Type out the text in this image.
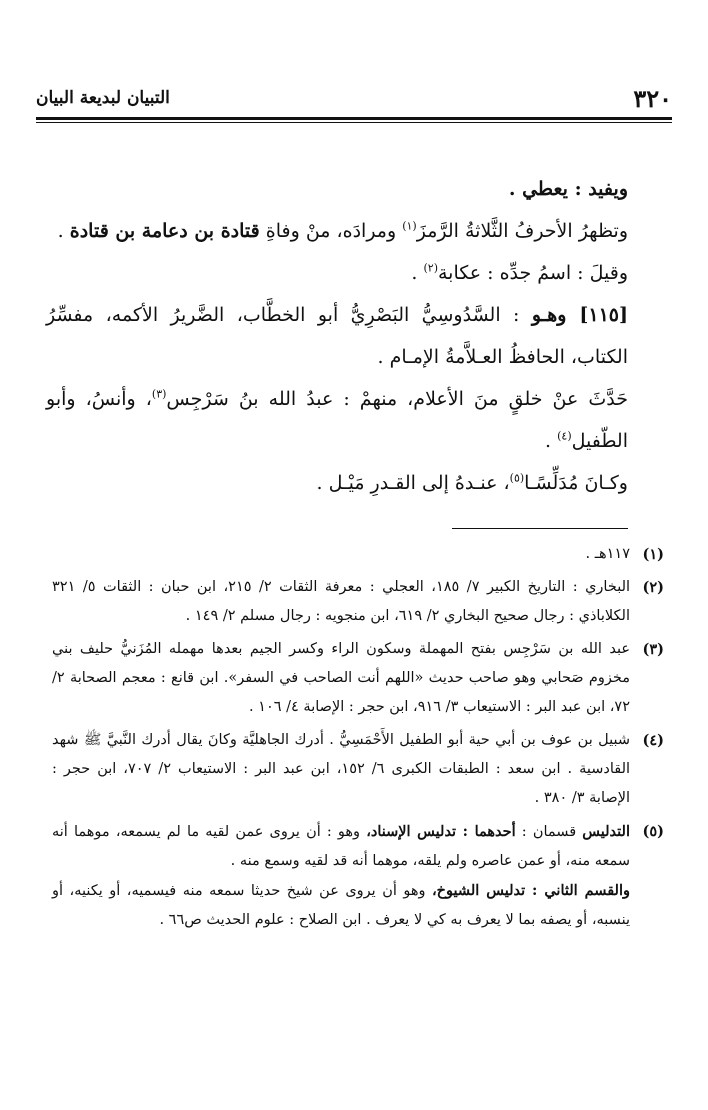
٣٢٠
التبيان لبديعة البيان

ويفيد : يعطي .

وتظهرُ الأحرفُ الثَّلاثةُ الرَّمزَ$^{(١)}$ ومرادَه، منْ وفاةِ قتادة بن دعامة بن قتادة .

وقيلَ : اسمُ جدِّه : عكابة$^{(٢)}$ .

[١١٥] وهـو : السَّدُوسِيُّ البَصْرِيُّ أبو الخطَّاب، الضَّريرُ الأكمه، مفسِّرُ الكتاب، الحافظُ العـلاَّمةُ الإمـام .

حَدَّثَ عنْ خلقٍ منَ الأعلام، منهمْ : عبدُ الله بنُ سَرْجِس$^{(٣)}$، وأنسُ، وأبو الطّفيل$^{(٤)}$ .

وكـانَ مُدَلِّسًـا$^{(٥)}$، عنـدهُ إلى القـدرِ مَيْـل .

(١)
١١٧هـ .
(٢)
البخاري : التاريخ الكبير ٧/ ١٨٥، العجلي : معرفة الثقات ٢/ ٢١٥، ابن حبان : الثقات ٥/ ٣٢١ الكلاباذي : رجال صحيح البخاري ٢/ ٦١٩، ابن منجويه : رجال مسلم ٢/ ١٤٩ .
(٣)
عبد الله بن سَرْجِس بفتح المهملة وسكون الراء وكسر الجيم بعدها مهمله المُزَنيُّ حليف بني مخزوم صَحابي وهو صاحب حديث «اللهم أنت الصاحب في السفر». ابن قانع : معجم الصحابة ٢/ ٧٢، ابن عبد البر : الاستيعاب ٣/ ٩١٦، ابن حجر : الإصابة ٤/ ١٠٦ .
(٤)
شبيل بن عوف بن أبي حية أبو الطفيل الأَحْمَسِيُّ . أدرك الجاهليَّة وكانَ يقال أدرك النَّبيَّ ﷺ شهد القادسية . ابن سعد : الطبقات الكبرى ٦/ ١٥٢، ابن عبد البر : الاستيعاب ٢/ ٧٠٧، ابن حجر : الإصابة ٣/ ٣٨٠ .
(٥)

التدليس قسمان : أحدهما : تدليس الإسناد، وهو : أن يروى عمن لقيه ما لم يسمعه، موهما أنه سمعه منه، أو عمن عاصره ولم يلقه، موهما أنه قد لقيه وسمع منه .

والقسم الثاني : تدليس الشيوخ، وهو أن يروى عن شيخ حديثا سمعه منه فيسميه، أو يكنيه، أو ينسبه، أو يصفه بما لا يعرف به كي لا يعرف . ابن الصلاح : علوم الحديث ص٦٦ .
